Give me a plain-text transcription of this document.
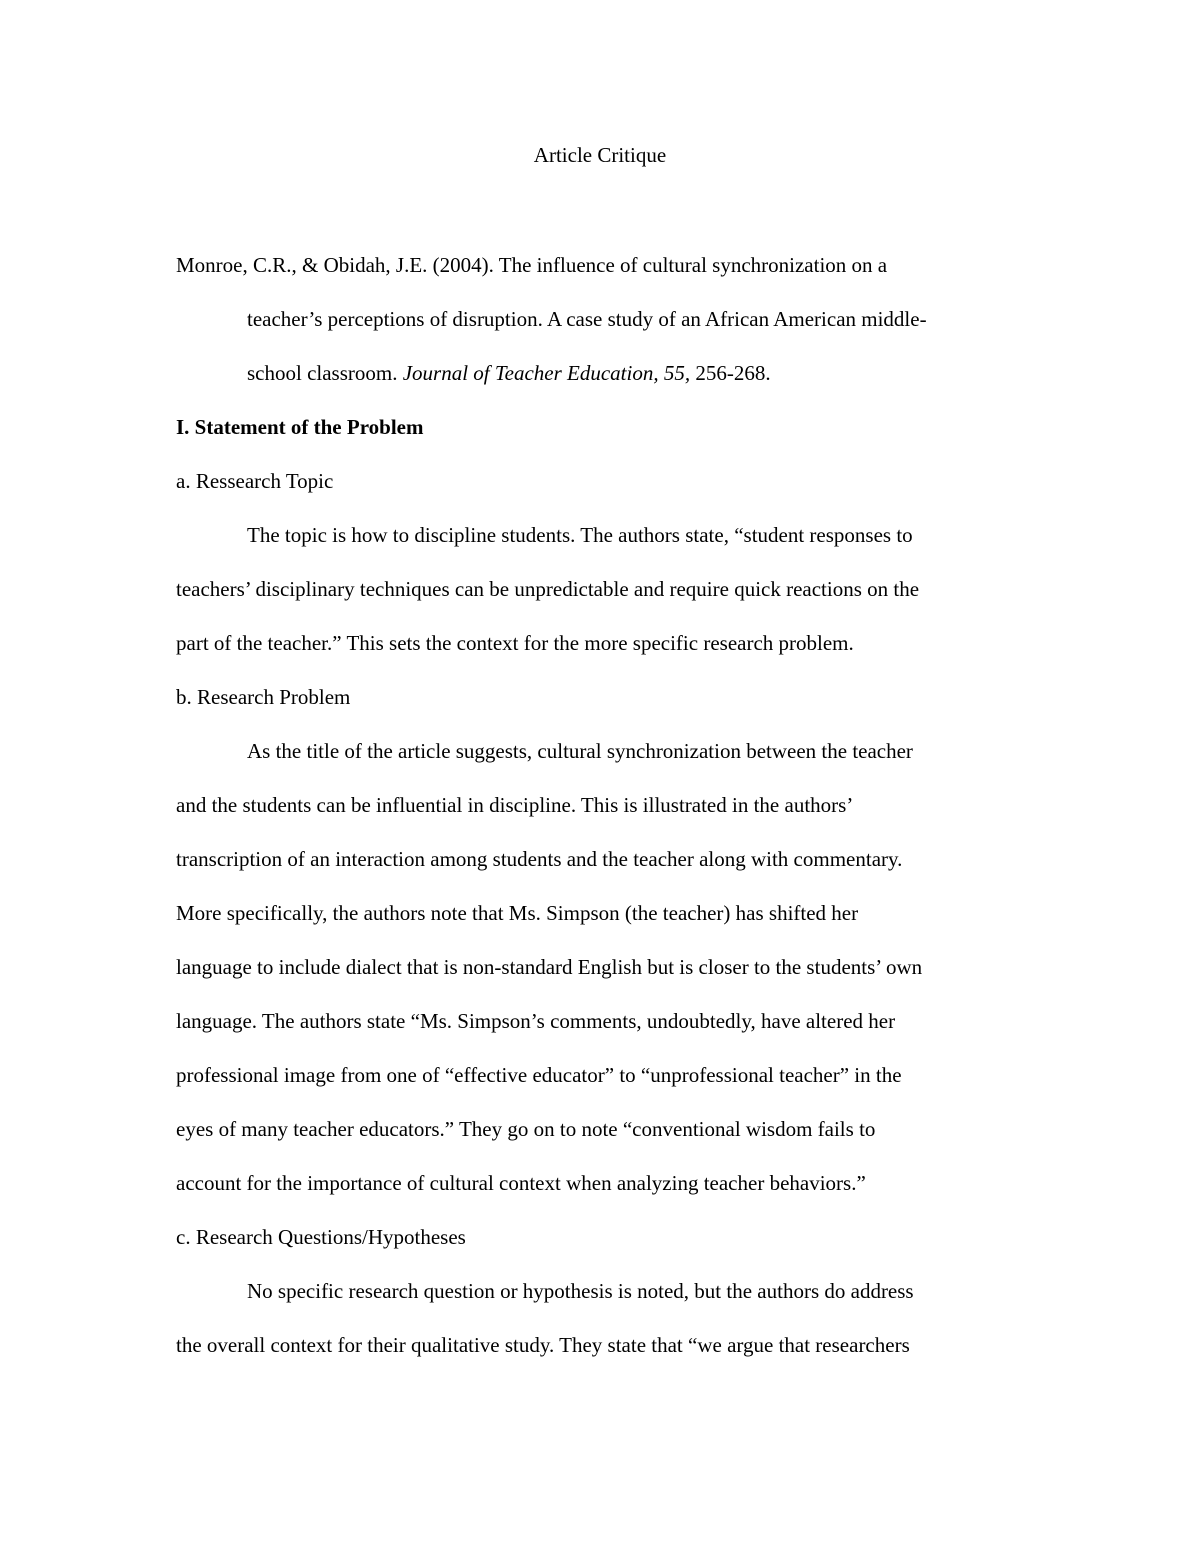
Article Critique
Monroe, C.R., & Obidah, J.E. (2004). The influence of cultural synchronization on a
teacher’s perceptions of disruption. A case study of an African American middle-
school classroom. Journal of Teacher Education, 55, 256-268.
I. Statement of the Problem
a. Ressearch Topic
The topic is how to discipline students. The authors state, “student responses to
teachers’ disciplinary techniques can be unpredictable and require quick reactions on the
part of the teacher.” This sets the context for the more specific research problem.
b. Research Problem
As the title of the article suggests, cultural synchronization between the teacher
and the students can be influential in discipline. This is illustrated in the authors’
transcription of an interaction among students and the teacher along with commentary.
More specifically, the authors note that Ms. Simpson (the teacher) has shifted her
language to include dialect that is non-standard English but is closer to the students’ own
language. The authors state “Ms. Simpson’s comments, undoubtedly, have altered her
professional image from one of “effective educator” to “unprofessional teacher” in the
eyes of many teacher educators.” They go on to note “conventional wisdom fails to
account for the importance of cultural context when analyzing teacher behaviors.”
c. Research Questions/Hypotheses
No specific research question or hypothesis is noted, but the authors do address
the overall context for their qualitative study. They state that “we argue that researchers
